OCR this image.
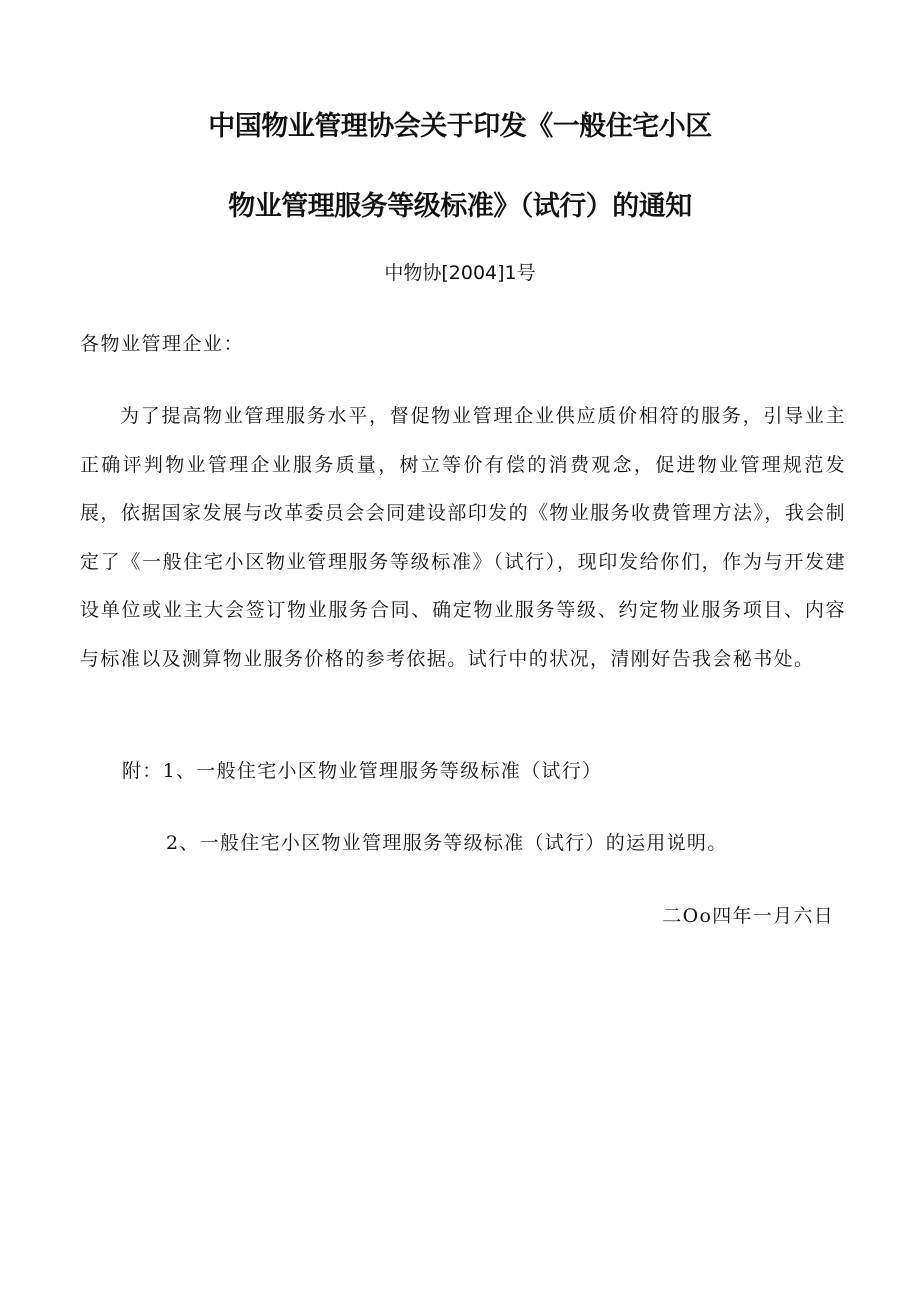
中国物业管理协会关于印发《一般住宅小区
物业管理服务等级标准》（试行）的通知
中物协[2004]1号
各物业管理企业：
为了提高物业管理服务水平，督促物业管理企业供应质价相符的服务，引导业主正确评判物业管理企业服务质量，树立等价有偿的消费观念，促进物业管理规范发展，依据国家发展与改革委员会会同建设部印发的《物业服务收费管理方法》，我会制定了《一般住宅小区物业管理服务等级标准》（试行），现印发给你们，作为与开发建设单位或业主大会签订物业服务合同、确定物业服务等级、约定物业服务项目、内容与标准以及测算物业服务价格的参考依据。试行中的状况，清刚好告我会秘书处。
附：1、一般住宅小区物业管理服务等级标准（试行）
2、一般住宅小区物业管理服务等级标准（试行）的运用说明。
二Oo四年一月六日
